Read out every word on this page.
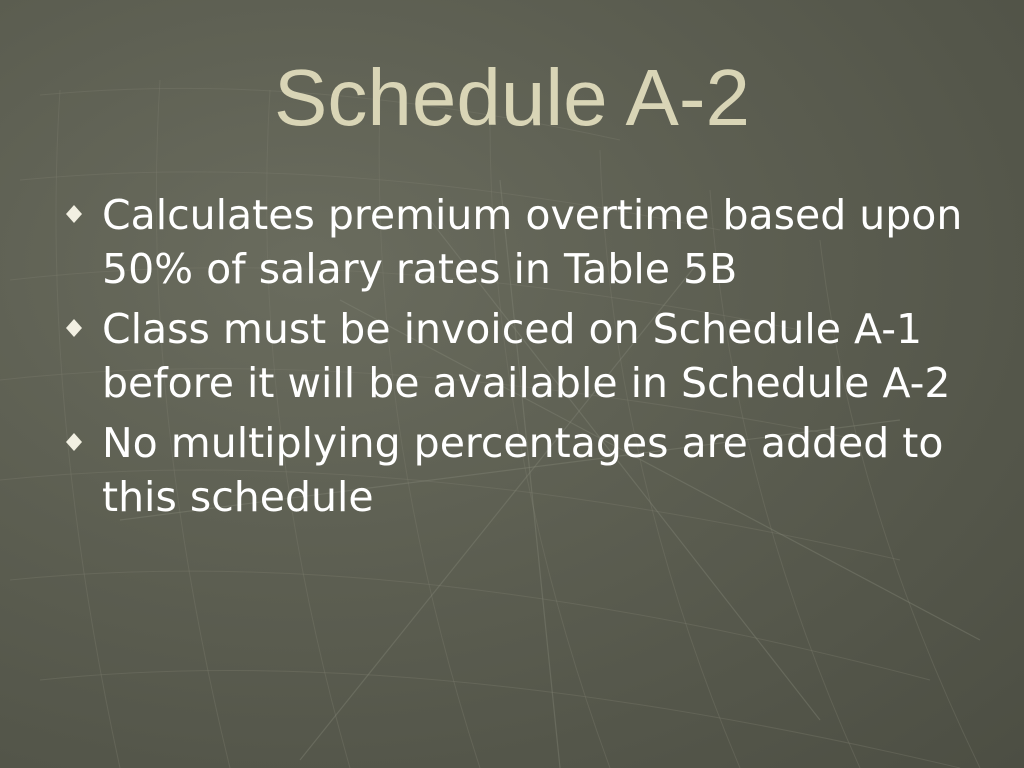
Schedule A-2
Calculates premium overtime based upon 50% of salary rates in Table 5B
Class must be invoiced on Schedule A-1 before it will be available in Schedule A-2
No multiplying percentages are added to this schedule
